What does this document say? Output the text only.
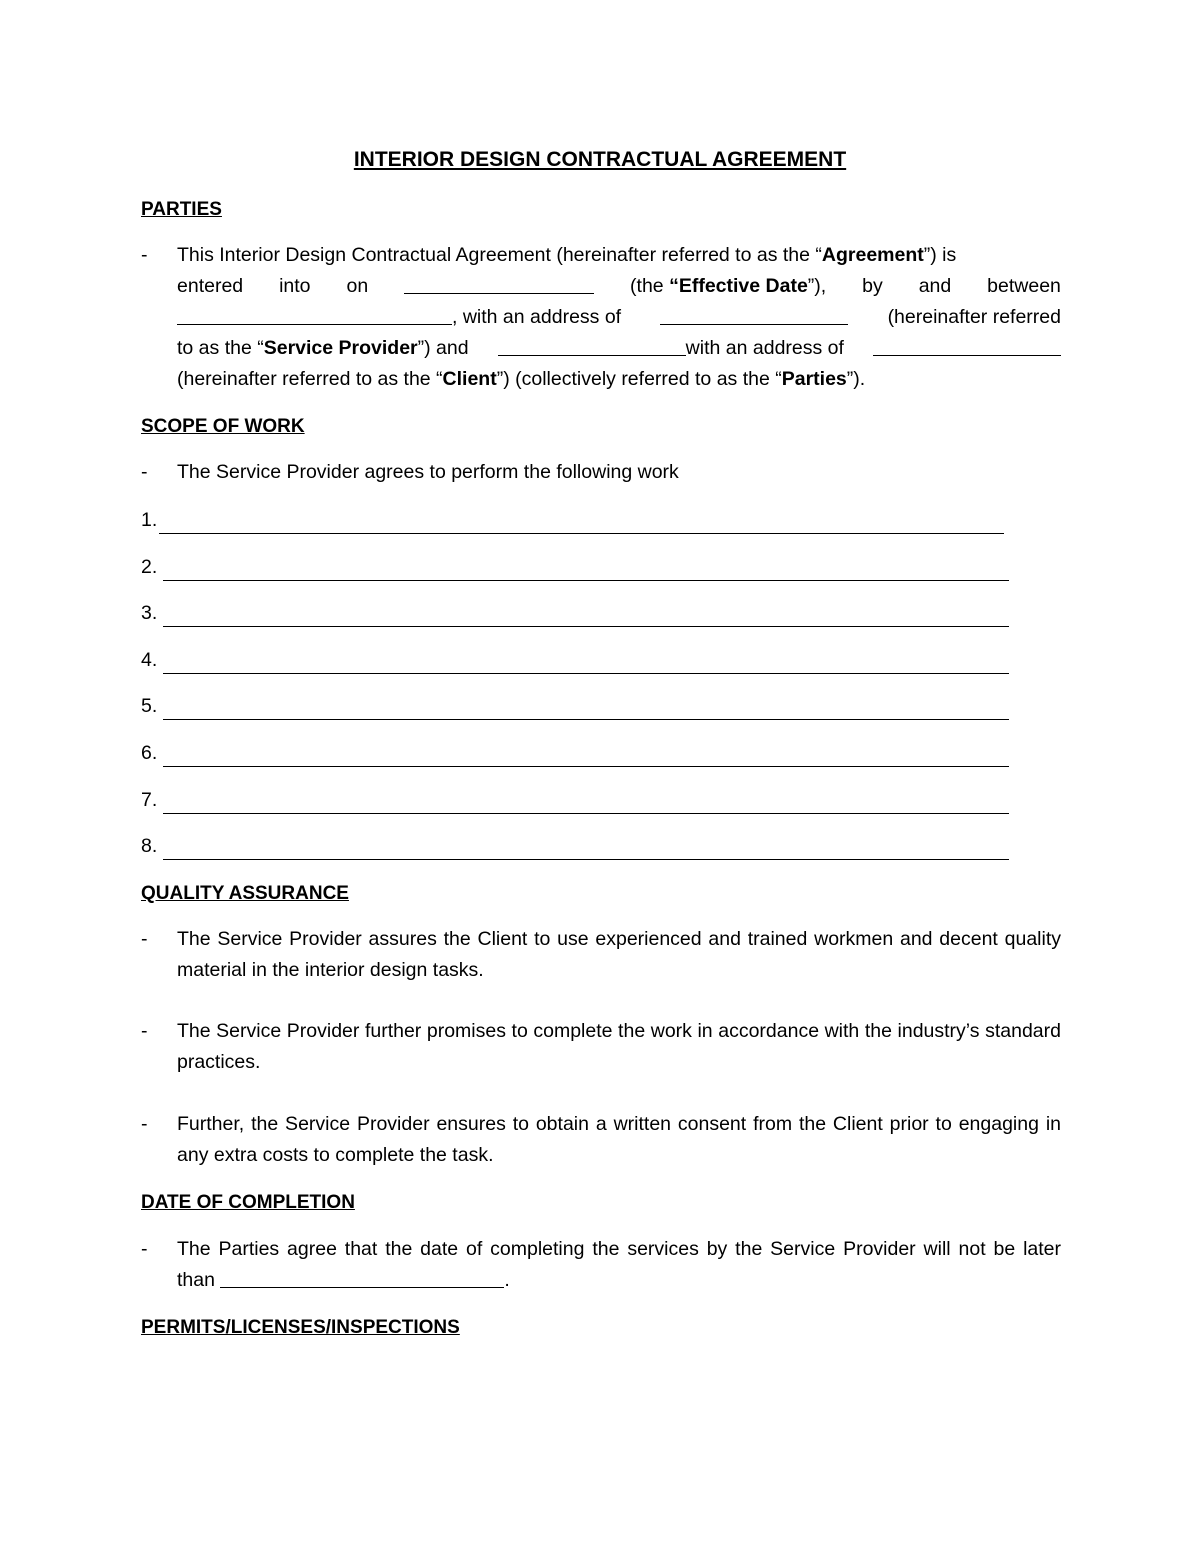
INTERIOR DESIGN CONTRACTUAL AGREEMENT
PARTIES
- This Interior Design Contractual Agreement (hereinafter referred to as the “Agreement”) is
entered into on	(the “Effective Date”), by and between
, with an address of	(hereinafter referred
to as the “Service Provider”) and	with an address of
(hereinafter referred to as the “Client”) (collectively referred to as the “Parties”).
SCOPE OF WORK
- The Service Provider agrees to perform the following work
1.
2.
3.
4.
5.
6.
7.
8.
QUALITY ASSURANCE
- The Service Provider assures the Client to use experienced and trained workmen and decent quality material in the interior design tasks.
- The Service Provider further promises to complete the work in accordance with the industry’s standard practices.
- Further, the Service Provider ensures to obtain a written consent from the Client prior to engaging in any extra costs to complete the task.
DATE OF COMPLETION
- The Parties agree that the date of completing the services by the Service Provider will not be later than	.
PERMITS/LICENSES/INSPECTIONS
